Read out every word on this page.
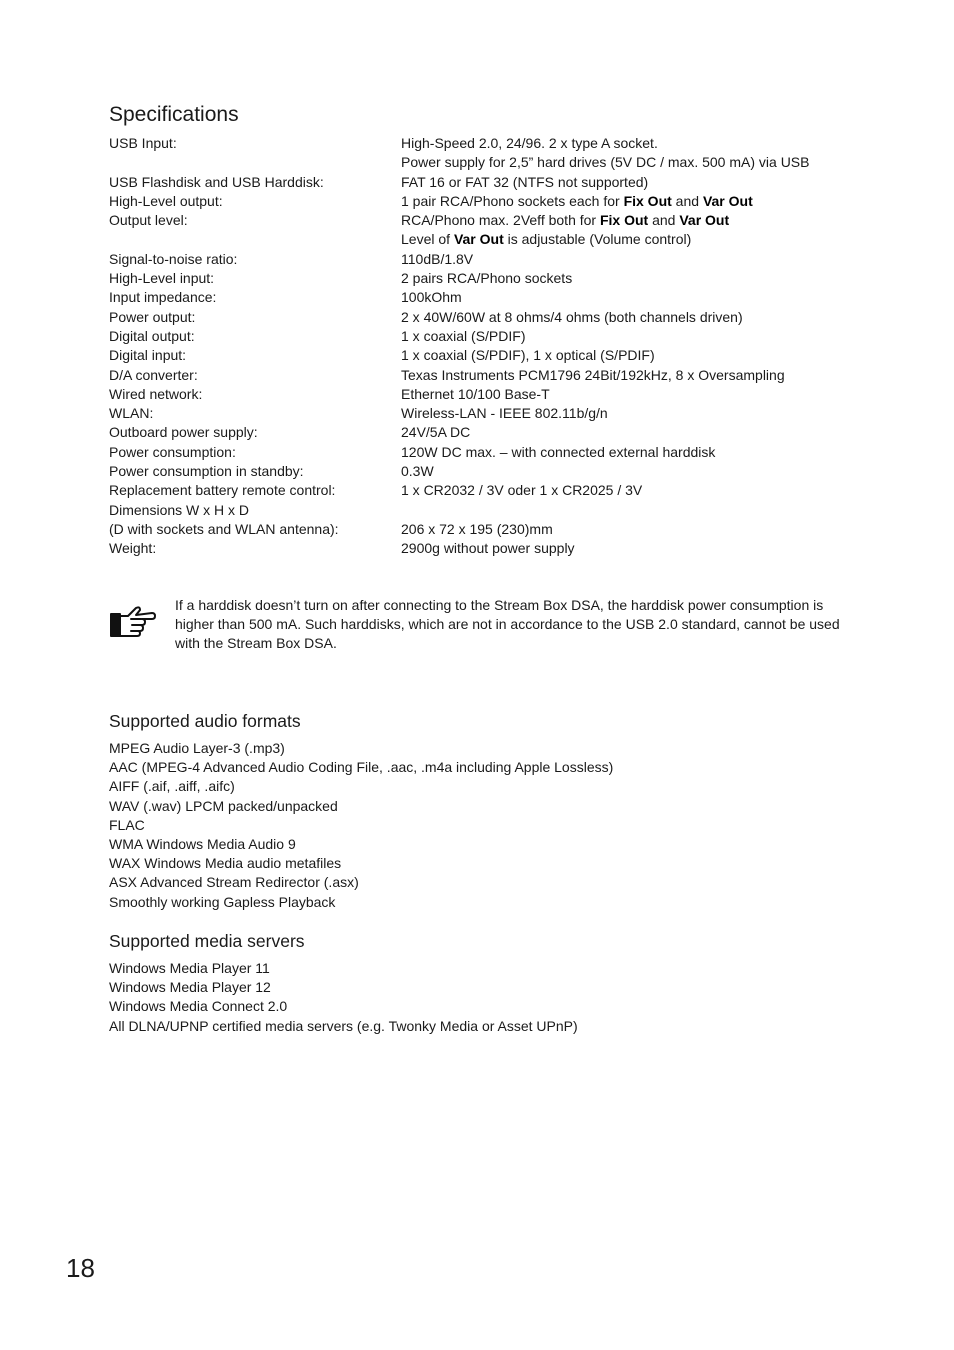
Specifications
USB Input:	High-Speed 2.0, 24/96. 2 x type A socket.
	Power supply for 2,5” hard drives (5V DC / max. 500 mA) via USB
USB Flashdisk and USB Harddisk:	FAT 16 or FAT 32 (NTFS not supported)
High-Level output:	1 pair RCA/Phono sockets each for Fix Out and Var Out
Output level:	RCA/Phono max. 2Veff both for Fix Out and Var Out
	Level of Var Out is adjustable (Volume control)
Signal-to-noise ratio:	110dB/1.8V
High-Level input:	2 pairs RCA/Phono sockets
Input impedance:	100kOhm
Power output:	2 x 40W/60W at 8 ohms/4 ohms (both channels driven)
Digital output:	1 x coaxial (S/PDIF)
Digital input:	1 x coaxial (S/PDIF), 1 x optical (S/PDIF)
D/A converter:	Texas Instruments PCM1796 24Bit/192kHz, 8 x Oversampling
Wired network:	Ethernet 10/100 Base-T
WLAN:	Wireless-LAN - IEEE 802.11b/g/n
Outboard power supply:	24V/5A DC
Power consumption:	120W DC max. – with connected external harddisk
Power consumption in standby:	0.3W
Replacement battery remote control:	1 x CR2032 / 3V oder 1 x CR2025 / 3V
Dimensions W x H x D	
(D with sockets and WLAN antenna):	206 x 72 x 195 (230)mm
Weight:	2900g without power supply

If a harddisk doesn’t turn on after connecting to the Stream Box DSA, the harddisk power consumption is higher than 500 mA. Such harddisks, which are not in accordance to the USB 2.0 standard, cannot be used with the Stream Box DSA.

Supported audio formats
MPEG Audio Layer-3 (.mp3)
AAC (MPEG-4 Advanced Audio Coding File, .aac, .m4a including Apple Lossless)
AIFF (.aif, .aiff, .aifc)
WAV (.wav) LPCM packed/unpacked
FLAC
WMA Windows Media Audio 9
WAX Windows Media audio metafiles
ASX Advanced Stream Redirector (.asx)
Smoothly working Gapless Playback
Supported media servers
Windows Media Player 11
Windows Media Player 12
Windows Media Connect 2.0
All DLNA/UPNP certified media servers (e.g. Twonky Media or Asset UPnP)

18
